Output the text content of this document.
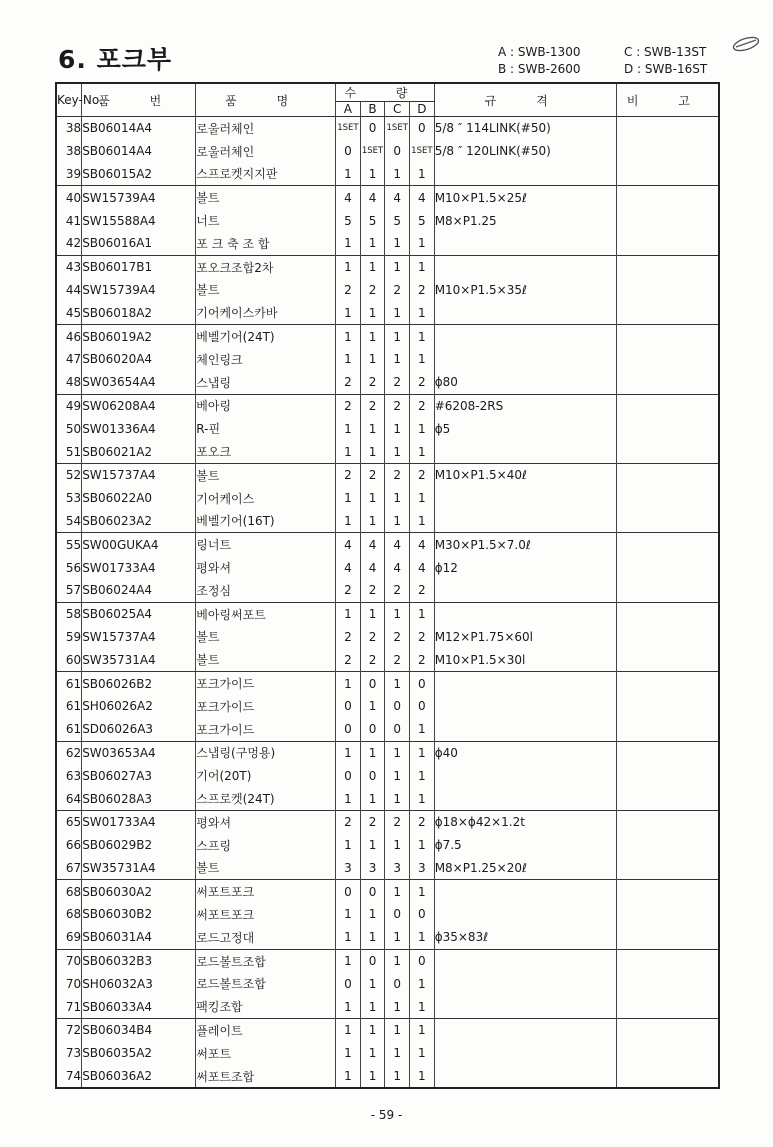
6. 포크부	A : SWB-1300
B : SWB-2600
C : SWB-13ST
D : SWB-16ST
Key-No.	품 번	품 명	수 량				규 격	비 고
			A	B	C	D		
38	SB06014A4	로울러체인	1SET	0	1SET	0	5/8 ″ 114LINK(#50)	
38	SB06014A4	로울러체인	0	1SET	0	1SET	5/8 ″ 120LINK(#50)	
39	SB06015A2	스프로켓지지판	1	1	1	1		
40	SW15739A4	볼트	4	4	4	4	M10×P1.5×25ℓ	
41	SW15588A4	너트	5	5	5	5	M8×P1.25	
42	SB06016A1	포 크 축 조 합	1	1	1	1		
43	SB06017B1	포오크조합2차	1	1	1	1		
44	SW15739A4	볼트	2	2	2	2	M10×P1.5×35ℓ	
45	SB06018A2	기어케이스카바	1	1	1	1		
46	SB06019A2	베벨기어(24T)	1	1	1	1		
47	SB06020A4	체인링크	1	1	1	1		
48	SW03654A4	스냅링	2	2	2	2	ϕ80	
49	SW06208A4	베아링	2	2	2	2	#6208-2RS	
50	SW01336A4	R-핀	1	1	1	1	ϕ5	
51	SB06021A2	포오크	1	1	1	1		
52	SW15737A4	볼트	2	2	2	2	M10×P1.5×40ℓ	
53	SB06022A0	기어케이스	1	1	1	1		
54	SB06023A2	베벨기어(16T)	1	1	1	1		
55	SW00GUKA4	링너트	4	4	4	4	M30×P1.5×7.0ℓ	
56	SW01733A4	평와셔	4	4	4	4	ϕ12	
57	SB06024A4	조정심	2	2	2	2		
58	SB06025A4	베아링써포트	1	1	1	1		
59	SW15737A4	볼트	2	2	2	2	M12×P1.75×60l	
60	SW35731A4	볼트	2	2	2	2	M10×P1.5×30l	
61	SB06026B2	포크가이드	1	0	1	0		
61	SH06026A2	포크가이드	0	1	0	0		
61	SD06026A3	포크가이드	0	0	0	1		
62	SW03653A4	스냅링(구멍용)	1	1	1	1	ϕ40	
63	SB06027A3	기어(20T)	0	0	1	1		
64	SB06028A3	스프로켓(24T)	1	1	1	1		
65	SW01733A4	평와셔	2	2	2	2	ϕ18×ϕ42×1.2t	
66	SB06029B2	스프링	1	1	1	1	ϕ7.5	
67	SW35731A4	볼트	3	3	3	3	M8×P1.25×20ℓ	
68	SB06030A2	써포트포크	0	0	1	1		
68	SB06030B2	써포트포크	1	1	0	0		
69	SB06031A4	로드고정대	1	1	1	1	ϕ35×83ℓ	
70	SB06032B3	로드볼트조합	1	0	1	0		
70	SH06032A3	로드볼트조합	0	1	0	1		
71	SB06033A4	팩킹조합	1	1	1	1		
72	SB06034B4	플레이트	1	1	1	1		
73	SB06035A2	써포트	1	1	1	1		
74	SB06036A2	써포트조합	1	1	1	1		
- 59 -
